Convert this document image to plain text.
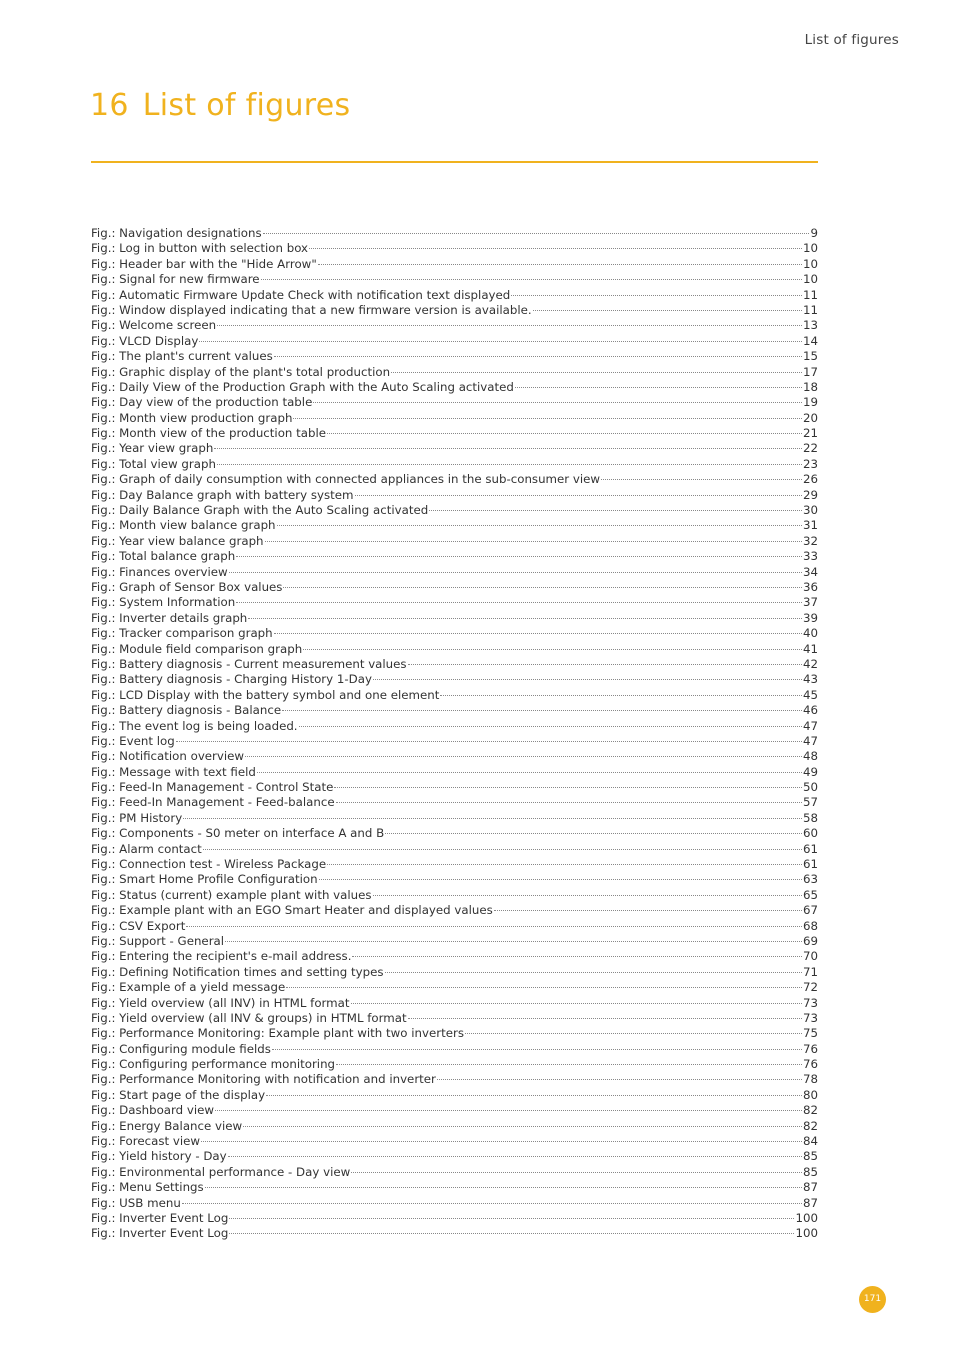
List of figures
16 List of figures
Fig.: Navigation designations	9
Fig.: Log in button with selection box	10
Fig.: Header bar with the "Hide Arrow"	10
Fig.: Signal for new firmware	10
Fig.: Automatic Firmware Update Check with notification text displayed	11
Fig.: Window displayed indicating that a new firmware version is available.	11
Fig.: Welcome screen	13
Fig.: VLCD Display	14
Fig.: The plant's current values	15
Fig.: Graphic display of the plant's total production	17
Fig.: Daily View of the Production Graph with the Auto Scaling activated	18
Fig.: Day view of the production table	19
Fig.: Month view production graph	20
Fig.: Month view of the production table	21
Fig.: Year view graph	22
Fig.: Total view graph	23
Fig.: Graph of daily consumption with connected appliances in the sub-consumer view	26
Fig.: Day Balance graph with battery system	29
Fig.: Daily Balance Graph with the Auto Scaling activated	30
Fig.: Month view balance graph	31
Fig.: Year view balance graph	32
Fig.: Total balance graph	33
Fig.: Finances overview	34
Fig.: Graph of Sensor Box values	36
Fig.: System Information	37
Fig.: Inverter details graph	39
Fig.: Tracker comparison graph	40
Fig.: Module field comparison graph	41
Fig.: Battery diagnosis - Current measurement values	42
Fig.: Battery diagnosis - Charging History 1-Day	43
Fig.: LCD Display with the battery symbol and one element	45
Fig.: Battery diagnosis - Balance	46
Fig.: The event log is being loaded.	47
Fig.: Event log	47
Fig.: Notification overview	48
Fig.: Message with text field	49
Fig.: Feed-In Management - Control State	50
Fig.: Feed-In Management - Feed-balance	57
Fig.: PM History	58
Fig.: Components - S0 meter on interface A and B	60
Fig.: Alarm contact	61
Fig.: Connection test - Wireless Package	61
Fig.: Smart Home Profile Configuration	63
Fig.: Status (current) example plant with values	65
Fig.: Example plant with an EGO Smart Heater and displayed values	67
Fig.: CSV Export	68
Fig.: Support - General	69
Fig.: Entering the recipient's e-mail address.	70
Fig.: Defining Notification times and setting types	71
Fig.: Example of a yield message	72
Fig.: Yield overview (all INV) in HTML format	73
Fig.: Yield overview (all INV & groups) in HTML format	73
Fig.: Performance Monitoring: Example plant with two inverters	75
Fig.: Configuring module fields	76
Fig.: Configuring performance monitoring	76
Fig.: Performance Monitoring with notification and inverter	78
Fig.: Start page of the display	80
Fig.: Dashboard view	82
Fig.: Energy Balance view	82
Fig.: Forecast view	84
Fig.: Yield history - Day	85
Fig.: Environmental performance - Day view	85
Fig.: Menu Settings	87
Fig.: USB menu	87
Fig.: Inverter Event Log	100
Fig.: Inverter Event Log	100
171
